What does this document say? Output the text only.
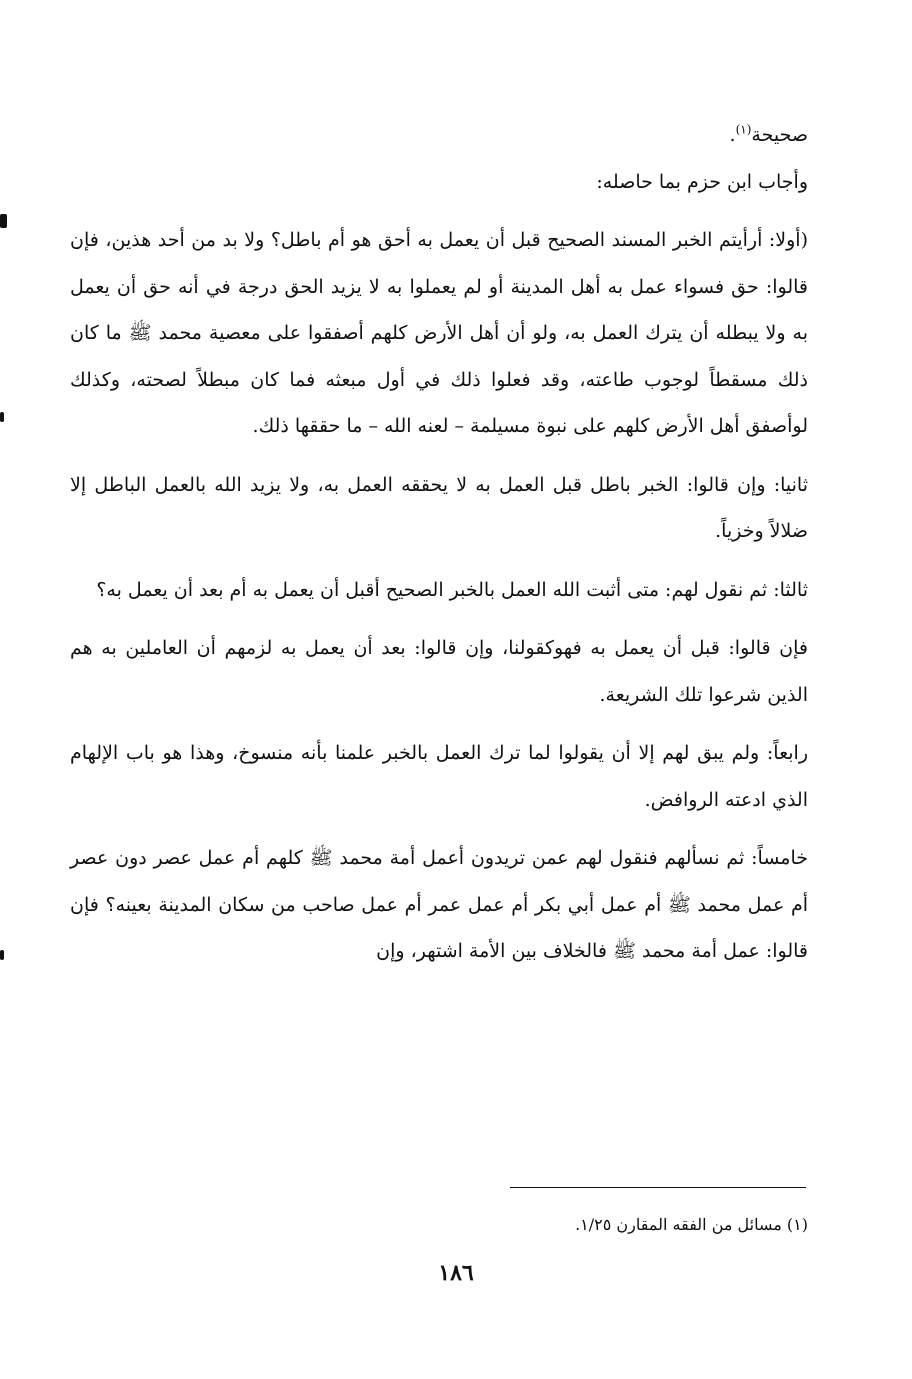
صحيحة$^{(١)}$.

وأجاب ابن حزم بما حاصله:

(أولا: أرأيتم الخبر المسند الصحيح قبل أن يعمل به أحق هو أم باطل؟ ولا بد من أحد هذين، فإن قالوا: حق فسواء عمل به أهل المدينة أو لم يعملوا به لا يزيد الحق درجة في أنه حق أن يعمل به ولا يبطله أن يترك العمل به، ولو أن أهل الأرض كلهم أصفقوا على معصية محمد ﷺ ما كان ذلك مسقطاً لوجوب طاعته، وقد فعلوا ذلك في أول مبعثه فما كان مبطلاً لصحته، وكذلك لوأصفق أهل الأرض كلهم على نبوة مسيلمة – لعنه الله – ما حققها ذلك.

ثانيا: وإن قالوا: الخبر باطل قبل العمل به لا يحققه العمل به، ولا يزيد الله بالعمل الباطل إلا ضلالاً وخزياً.

ثالثا: ثم نقول لهم: متى أثبت الله العمل بالخبر الصحيح أقبل أن يعمل به أم بعد أن يعمل به؟

فإن قالوا: قبل أن يعمل به فهوكقولنا، وإن قالوا: بعد أن يعمل به لزمهم أن العاملين به هم الذين شرعوا تلك الشريعة.

رابعاً: ولم يبق لهم إلا أن يقولوا لما ترك العمل بالخبر علمنا بأنه منسوخ، وهذا هو باب الإلهام الذي ادعته الروافض.

خامساً: ثم نسألهم فنقول لهم عمن تريدون أعمل أمة محمد ﷺ كلهم أم عمل عصر دون عصر أم عمل محمد ﷺ أم عمل أبي بكر أم عمل عمر أم عمل صاحب من سكان المدينة بعينه؟ فإن قالوا: عمل أمة محمد ﷺ فالخلاف بين الأمة اشتهر، وإن

(١) مسائل من الفقه المقارن ١/٢٥.
١٨٦
